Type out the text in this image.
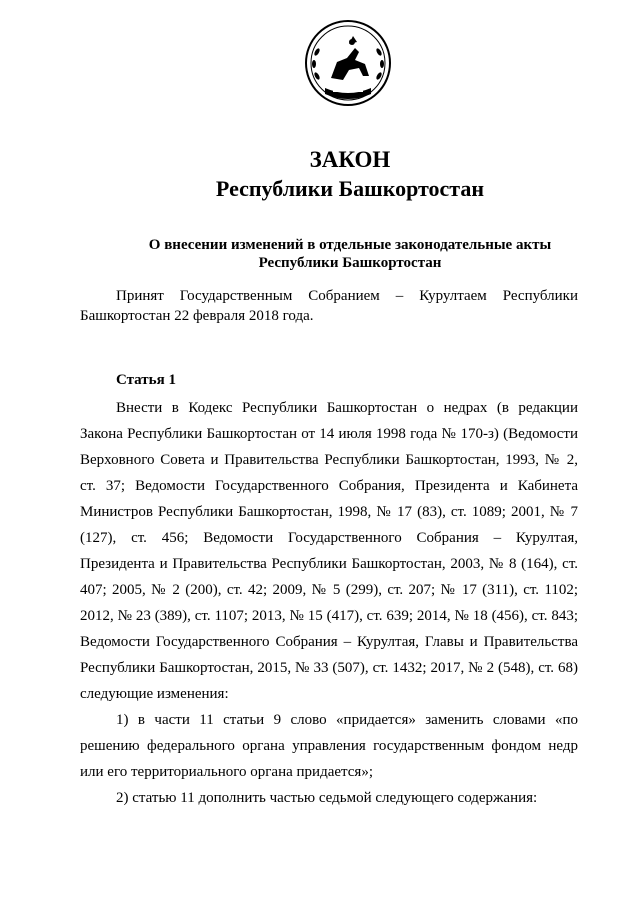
ЗАКОН
Республики Башкортостан
О внесении изменений в отдельные законодательные акты
Республики Башкортостан

Принят Государственным Собранием – Курултаем Республики Башкортостан 22 февраля 2018 года.

Статья 1

Внести в Кодекс Республики Башкортостан о недрах (в редакции Закона Республики Башкортостан от 14 июля 1998 года № 170-з) (Ведомости Верховного Совета и Правительства Республики Башкортостан, 1993, № 2, ст. 37; Ведомости Государственного Собрания, Президента и Кабинета Министров Республики Башкортостан, 1998, № 17 (83), ст. 1089; 2001, № 7 (127), ст. 456; Ведомости Государственного Собрания – Курултая, Президента и Правительства Республики Башкортостан, 2003, № 8 (164), ст. 407; 2005, № 2 (200), ст. 42; 2009, № 5 (299), ст. 207; № 17 (311), ст. 1102; 2012, № 23 (389), ст. 1107; 2013, № 15 (417), ст. 639; 2014, № 18 (456), ст. 843; Ведомости Государственного Собрания – Курултая, Главы и Правительства Республики Башкортостан, 2015, № 33 (507), ст. 1432; 2017, № 2 (548), ст. 68) следующие изменения:

1) в части 11 статьи 9 слово «придается» заменить словами «по решению федерального органа управления государственным фондом недр или его территориального органа придается»;

2) статью 11 дополнить частью седьмой следующего содержания:
